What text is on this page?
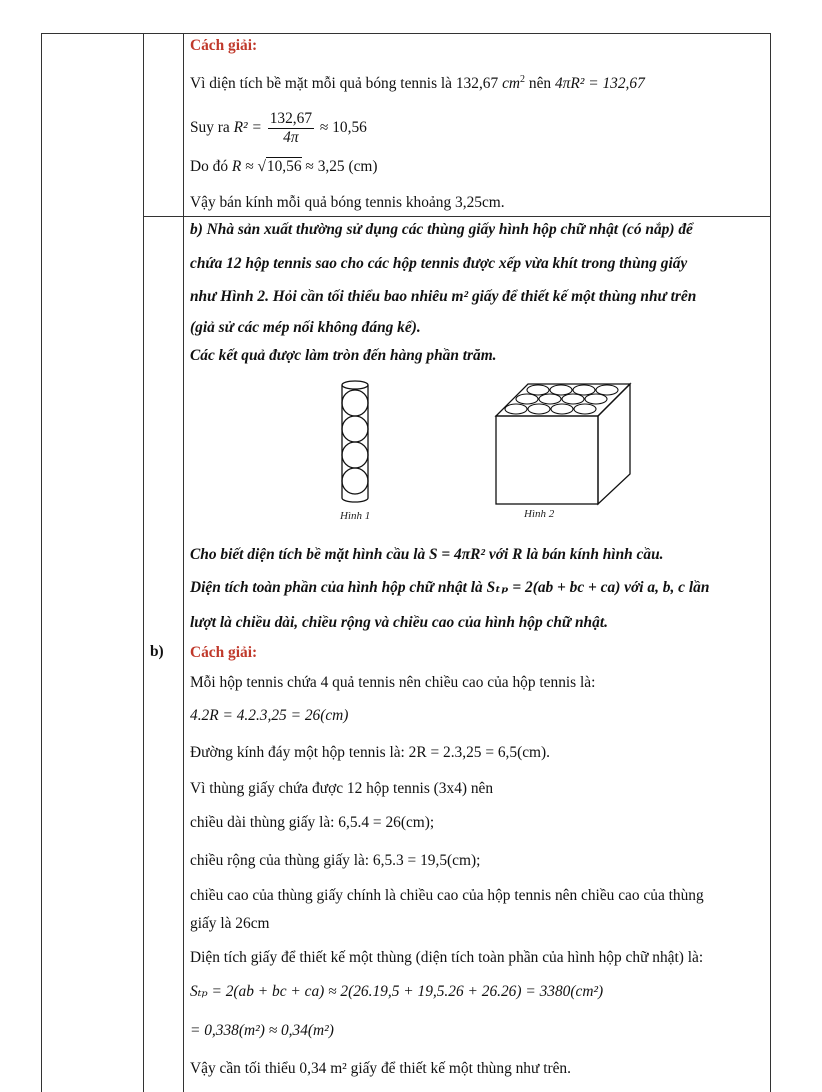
b)
Cách giải:
Vì diện tích bề mặt mỗi quả bóng tennis là 132,67 $cm^2$ nên 4πR² = 132,67
Suy ra $R^2 = \frac{132,67}{4\pi} \approx 10,56$
Do đó R ≈ √10,56 ≈ 3,25 (cm)
Vậy bán kính mỗi quả bóng tennis khoảng 3,25cm.
b) Nhà sản xuất thường sử dụng các thùng giấy hình hộp chữ nhật (có nắp) để
chứa 12 hộp tennis sao cho các hộp tennis được xếp vừa khít trong thùng giấy
như Hình 2. Hỏi cần tối thiểu bao nhiêu m² giấy để thiết kế một thùng như trên
(giả sử các mép nối không đáng kể).
Các kết quả được làm tròn đến hàng phần trăm.
Hình 1	Hình 2
Cho biết diện tích bề mặt hình cầu là S = 4πR² với R là bán kính hình cầu.
Diện tích toàn phần của hình hộp chữ nhật là Sₜₚ = 2(ab + bc + ca) với a, b, c lần
lượt là chiều dài, chiều rộng và chiều cao của hình hộp chữ nhật.
Cách giải:
Mỗi hộp tennis chứa 4 quả tennis nên chiều cao của hộp tennis là:
4.2R = 4.2.3,25 = 26(cm)
Đường kính đáy một hộp tennis là: 2R = 2.3,25 = 6,5(cm).
Vì thùng giấy chứa được 12 hộp tennis (3x4) nên
chiều dài thùng giấy là: 6,5.4 = 26(cm);
chiều rộng của thùng giấy là: 6,5.3 = 19,5(cm);
chiều cao của thùng giấy chính là chiều cao của hộp tennis nên chiều cao của thùng
giấy là 26cm
Diện tích giấy để thiết kế một thùng (diện tích toàn phần của hình hộp chữ nhật) là:
Sₜₚ = 2(ab + bc + ca) ≈ 2(26.19,5 + 19,5.26 + 26.26) = 3380(cm²)
= 0,338(m²) ≈ 0,34(m²)
Vậy cần tối thiểu 0,34 m² giấy để thiết kế một thùng như trên.
